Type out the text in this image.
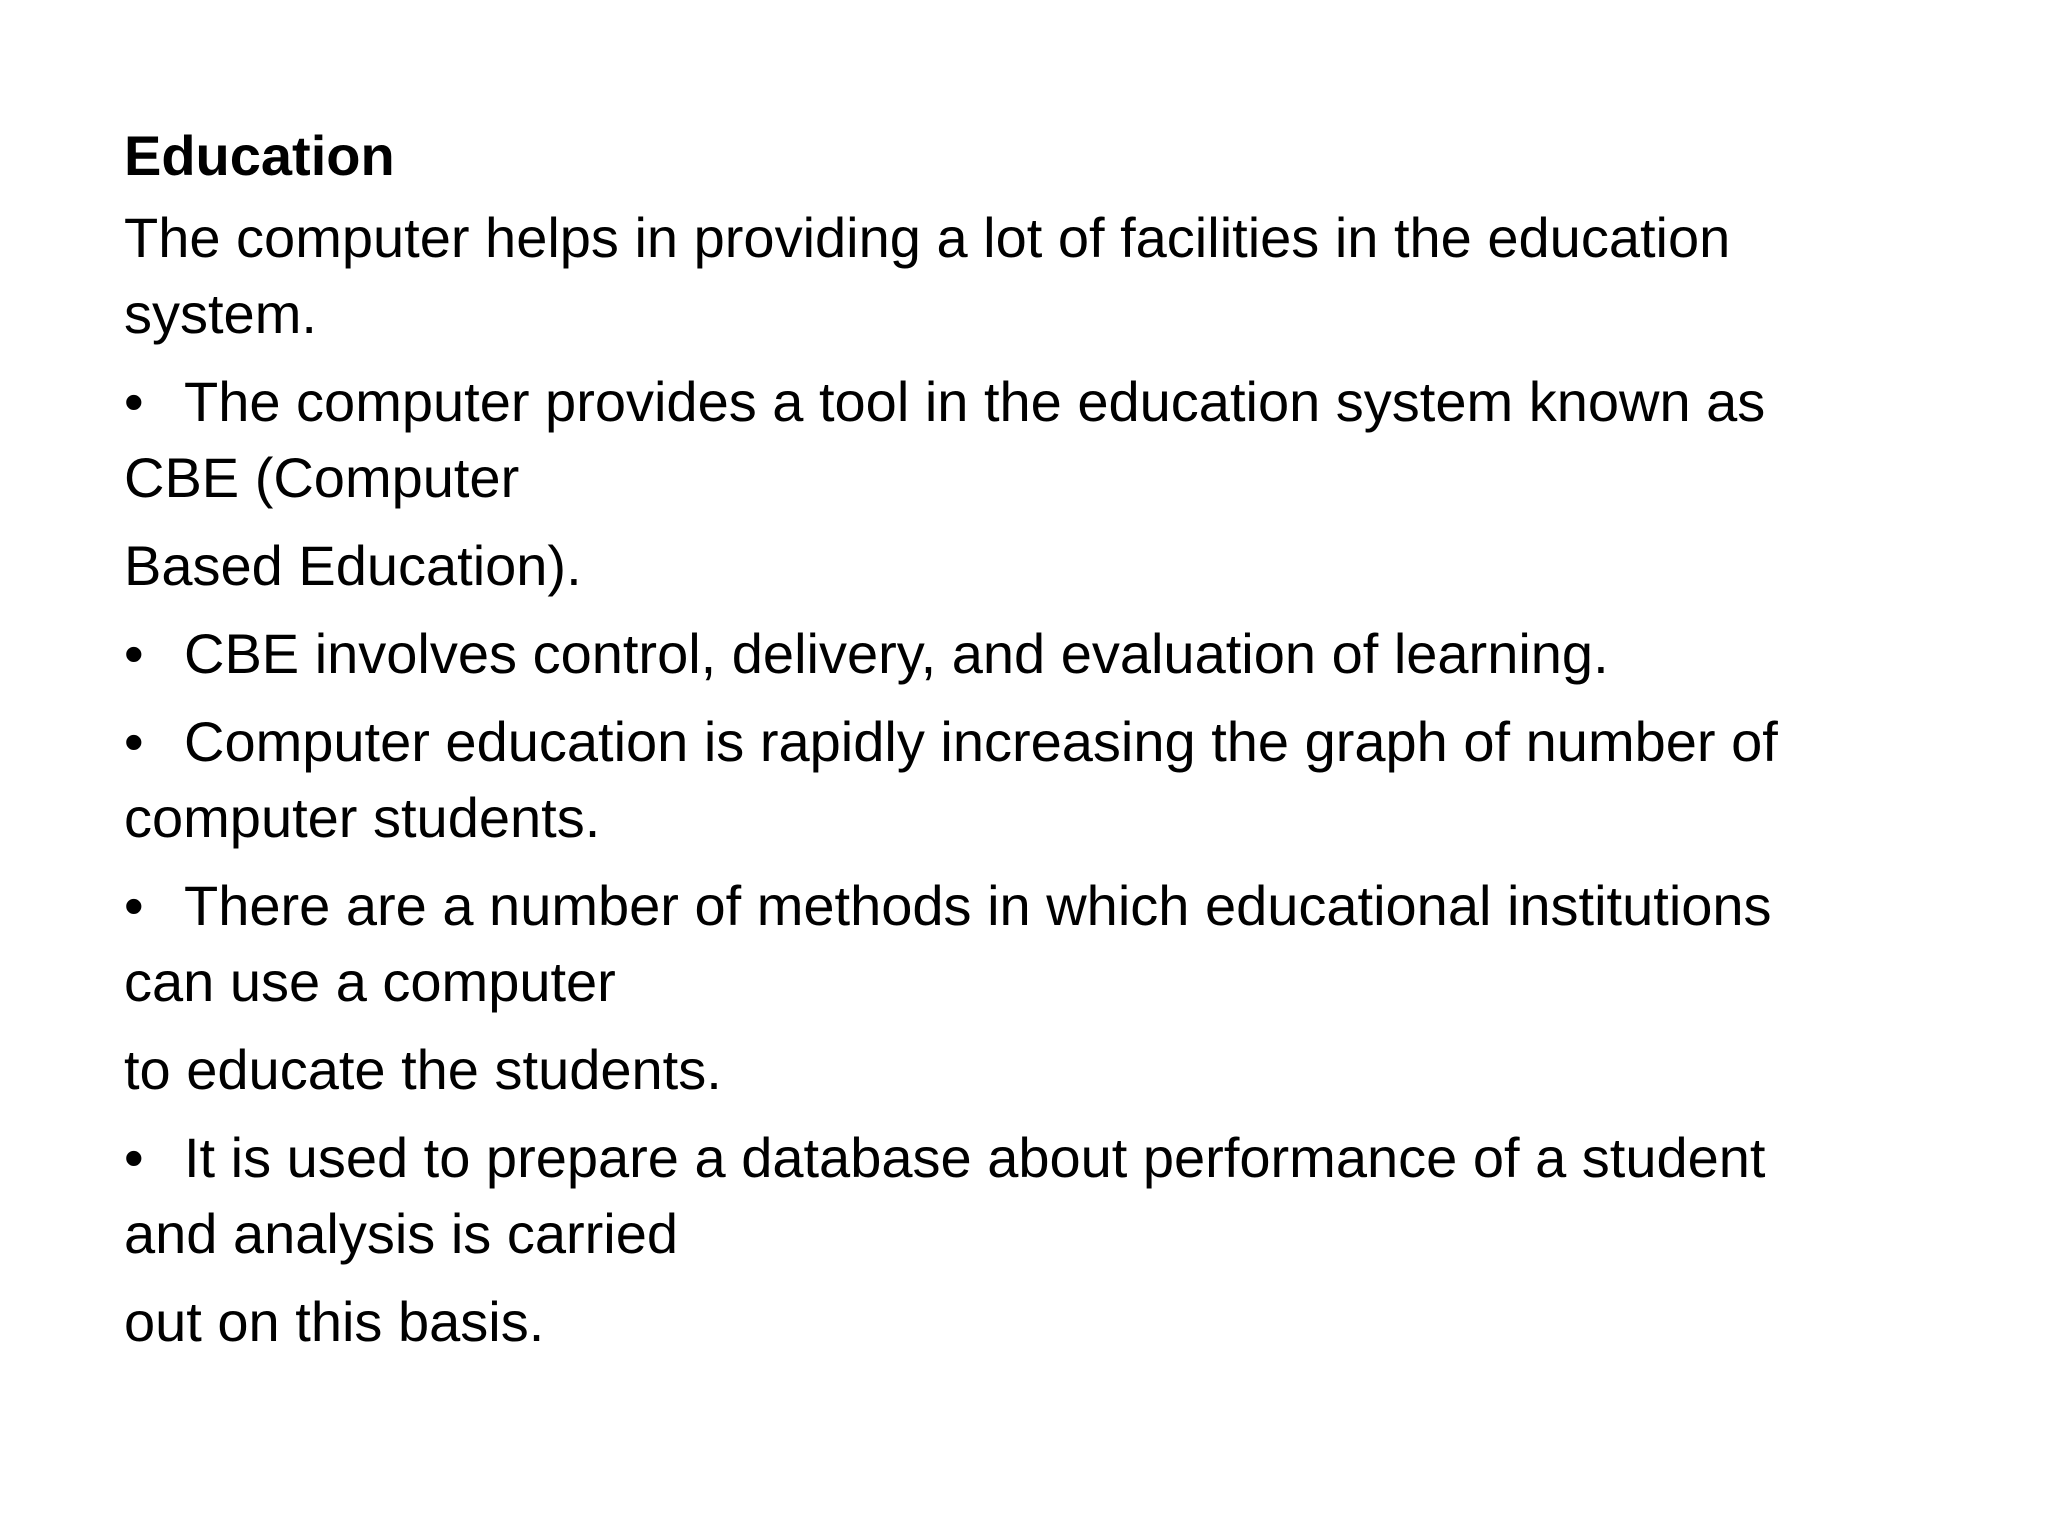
Education
The computer helps in providing a lot of facilities in the education
system.
• The computer provides a tool in the education system known as
CBE (Computer
Based Education).
• CBE involves control, delivery, and evaluation of learning.
• Computer education is rapidly increasing the graph of number of
computer students.
• There are a number of methods in which educational institutions
can use a computer
to educate the students.
• It is used to prepare a database about performance of a student
and analysis is carried
out on this basis.
